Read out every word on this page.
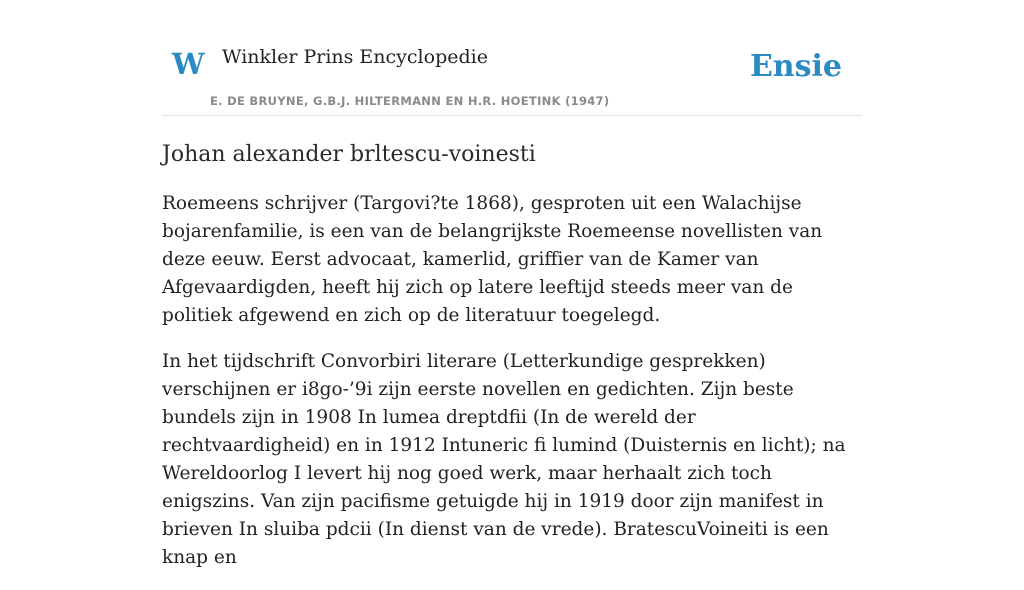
W Winkler Prins Encyclopedie
E. DE BRUYNE, G.B.J. HILTERMANN EN H.R. HOETINK (1947)
Ensie
Johan alexander brltescu-voinesti

Roemeens schrijver (Targovi?te 1868), gesproten uit een Walachijse bojarenfamilie, is een van de belangrijkste Roemeense novellisten van deze eeuw. Eerst advocaat, kamerlid, griffier van de Kamer van Afgevaardigden, heeft hij zich op latere leeftijd steeds meer van de politiek afgewend en zich op de literatuur toegelegd.

In het tijdschrift Convorbiri literare (Letterkundige gesprekken) verschijnen er i8go-’9i zijn eerste novellen en gedichten. Zijn beste bundels zijn in 1908 In lumea dreptdfii (In de wereld der rechtvaardigheid) en in 1912 Intuneric fi lumind (Duisternis en licht); na Wereldoorlog I levert hij nog goed werk, maar herhaalt zich toch enigszins. Van zijn pacifisme getuigde hij in 1919 door zijn manifest in brieven In sluiba pdcii (In dienst van de vrede). BratescuVoineiti is een knap en
